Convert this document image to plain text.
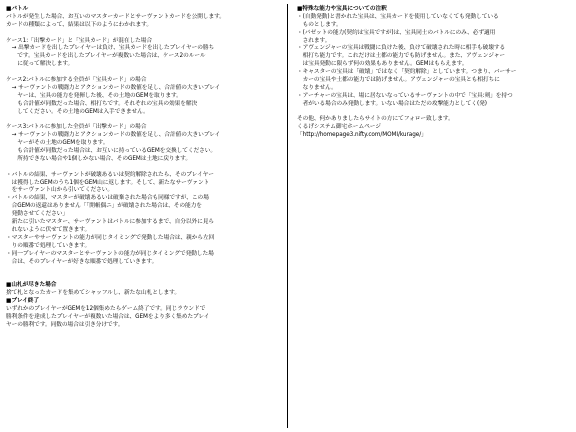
■バトル
バトルが発生した場合、お互いのマスターカードとサーヴァントカードを公開します。
カードの種類によって、結果は以下のようにわかれます。
ケース1:「出撃カード」と「宝具カード」が混在した場合
　→ 出撃カードを出したプレイヤーは負け、宝具カードを出したプレイヤーの勝ち
　　です。宝具カードを出したプレイヤーが複数いた場合は、ケース2のルール
　　に従って解決します。
ケース2:バトルに参加する全員が「宝具カード」の場合
　→ サーヴァントの戦闘力とアクションカードの数値を足し、合計値の大きいプレイ
　　ヤーは、宝具の能力を発揮した後、その土地のGEMを取ります。
　　も合計値が同数だった場合、相打ちです。それぞれの宝具の効果を解決
　　してください。その土地のGEMは入手できません。
ケース3:バトルに参加した全員が「出撃カード」の場合
　→ サーヴァントの戦闘力とアクションカードの数値を足し、合計値の大きいプレイ
　　ヤーがその土地のGEMを取ります。
　　も合計値が同数だった場合は、お互いに持っているGEMを交換してください。
　　所持できない場合や1個しかない場合、そのGEMは土地に戻ります。
・バトルの結果、サーヴァントが破壊あるいは契約解除されたら、そのプレイヤー
　は獲得したGEMのうち1個をGEM山に返します。そして、新たなサーヴァント
　をサーヴァント山から引いてください。
・バトルの結果、マスターが破壊あるいは破棄された場合も同様ですが、この場
　合GEMの返還はありません「「開帳偶ニ」が破壊された場合は、その能力を
　発動させてください」
　新たに引いたマスター、サーヴァントはバトルに参加するまで、自分以外に見ら
　れないように伏せて置きます。
・マスターやサーヴァントの能力が同じタイミングで発動した場合は、親から左回
　りの順番で処理していきます。
・同一プレイヤーのマスターとサーヴァントの能力が同じタイミングで発動した場
　合は、そのプレイヤーが好きな順番で処理していきます。
■山札が尽きた場合
捨て札となったカードを集めてシャッフルし、新たな山札とします。
■プレイ終了
いずれかのプレイヤーがGEMを12個集めたらゲーム終了です。同じラウンドで
勝利条件を達成したプレイヤーが複数いた場合は、GEMをより多く集めたプレイ
ヤーの勝利です。同数の場合は引き分けです。
■特殊な能力や宝具についての注釈
・(自動発動)と書かれた宝具は、宝具カードを使用していなくても発動している
　ものとします。
・(パゼットの能力(契約は宝具ですが)は、宝具同士のバトルにのみ、必ず適用
　されます。
・アヴェンジャーの宝具は戦闘に負けた後、負けて破壊された時に相手も破壊する
　相打ち能力です。これだけは土都の能力でも防げません。また、アヴェンジャー
　は宝具発動に限らず何の効果もありません。GEMはもらえます。
・キャスターの宝具は「破壊」ではなく「契約解除」としています。つまり、バーサー
　カーの宝具や土都の能力では防げません。アヴェンジャーの宝具とも相打ちに
　なりません。
・アーチャーの宝具は、場に居ないなっているサーヴァントの中で「宝具:剣」を持つ
　者がいる場合のみ発動します。いない場合はただの攻撃能力としてく(発)
その他、何かありましたらサイトの方にてフォロー致します。
くるげシステム御宅ホームページ
「http://homepage3.nifty.com/MOMI/kurage/」
